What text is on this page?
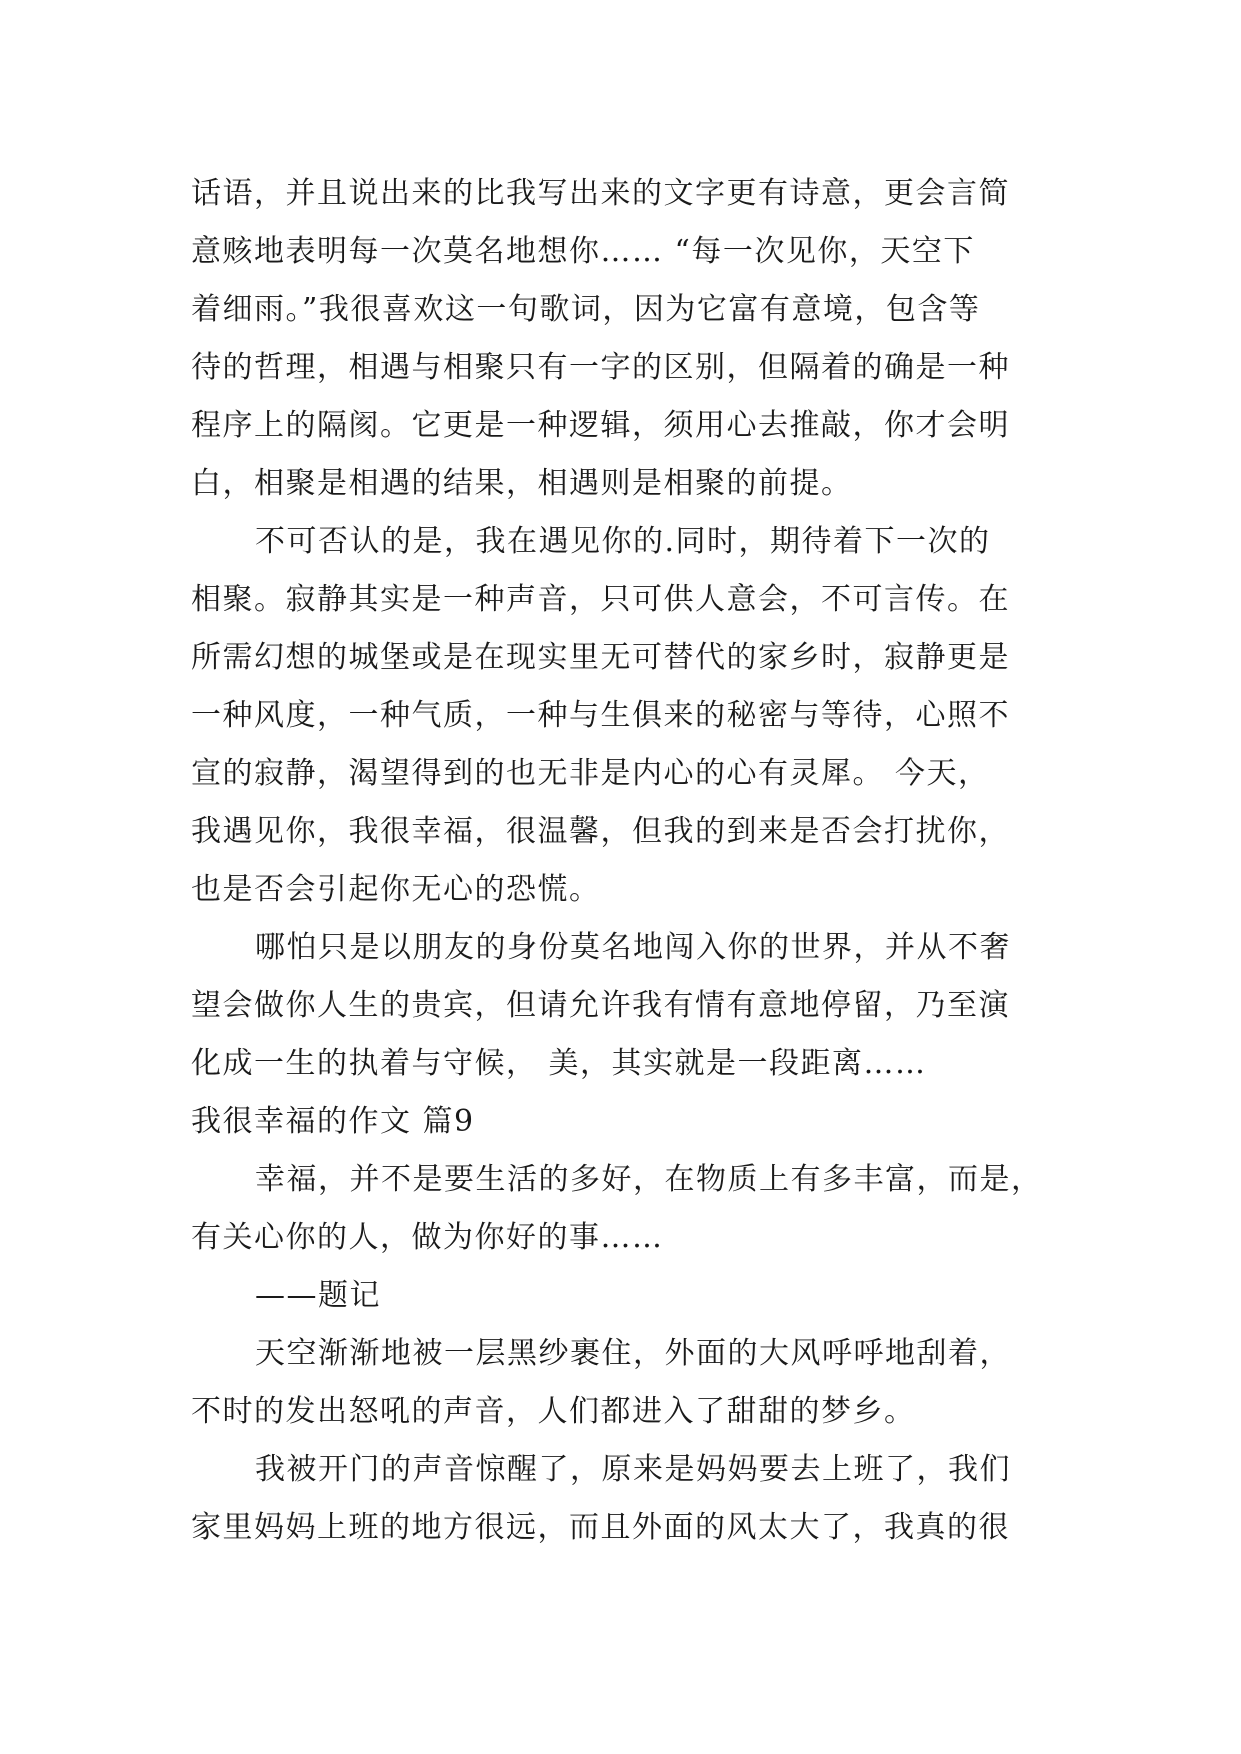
话语，并且说出来的比我写出来的文字更有诗意，更会言简
意赅地表明每一次莫名地想你…… “每一次见你，天空下
着细雨。”我很喜欢这一句歌词，因为它富有意境，包含等
待的哲理，相遇与相聚只有一字的区别，但隔着的确是一种
程序上的隔阂。它更是一种逻辑，须用心去推敲，你才会明
白，相聚是相遇的结果，相遇则是相聚的前提。
不可否认的是，我在遇见你的.同时，期待着下一次的
相聚。寂静其实是一种声音，只可供人意会，不可言传。在
所需幻想的城堡或是在现实里无可替代的家乡时，寂静更是
一种风度，一种气质，一种与生俱来的秘密与等待，心照不
宣的寂静，渴望得到的也无非是内心的心有灵犀。 今天，
我遇见你，我很幸福，很温馨，但我的到来是否会打扰你，
也是否会引起你无心的恐慌。
哪怕只是以朋友的身份莫名地闯入你的世界，并从不奢
望会做你人生的贵宾，但请允许我有情有意地停留，乃至演
化成一生的执着与守候， 美，其实就是一段距离……
我很幸福的作文 篇9
幸福，并不是要生活的多好，在物质上有多丰富，而是，
有关心你的人，做为你好的事……
——题记
天空渐渐地被一层黑纱裹住，外面的大风呼呼地刮着，
不时的发出怒吼的声音，人们都进入了甜甜的梦乡。
我被开门的声音惊醒了，原来是妈妈要去上班了，我们
家里妈妈上班的地方很远，而且外面的风太大了，我真的很
